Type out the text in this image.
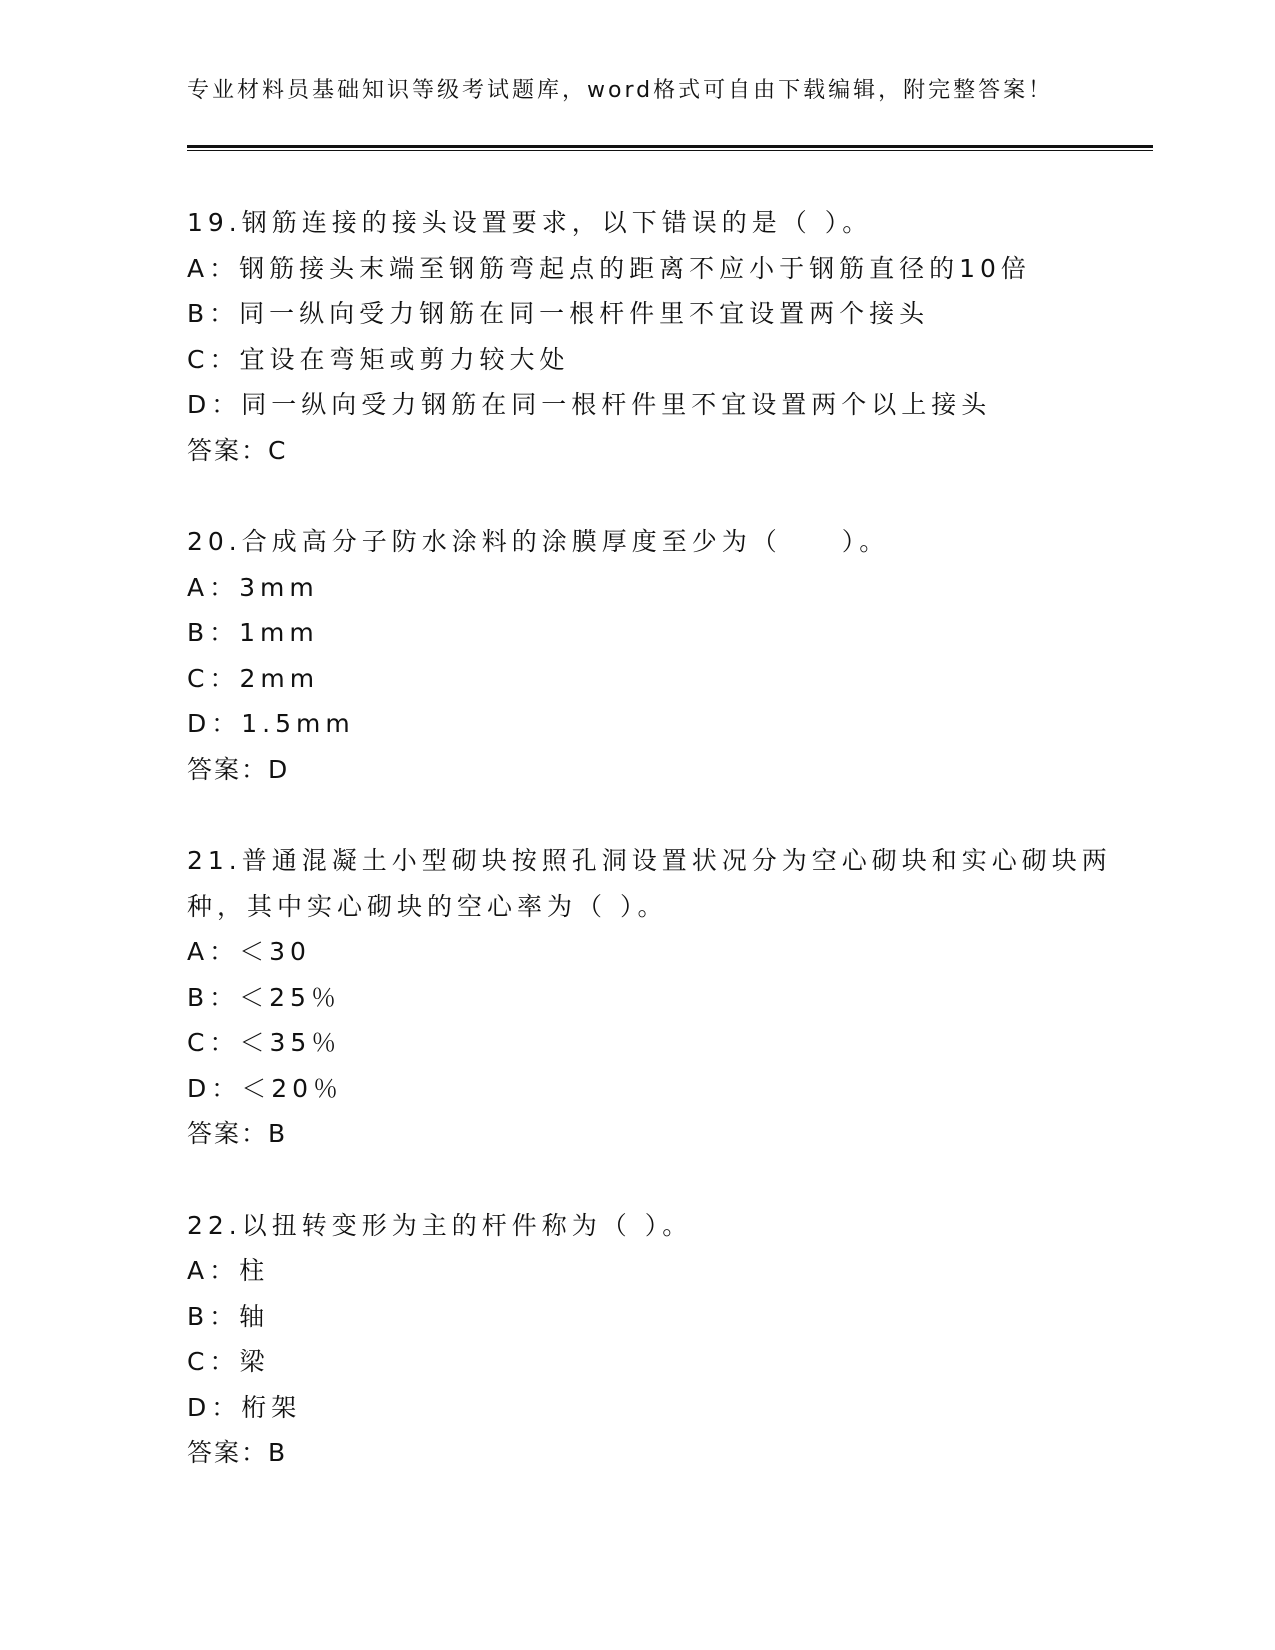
专业材料员基础知识等级考试题库，word格式可自由下载编辑，附完整答案！
19.钢筋连接的接头设置要求，以下错误的是（ ）。
A：钢筋接头末端至钢筋弯起点的距离不应小于钢筋直径的10倍
B：同一纵向受力钢筋在同一根杆件里不宜设置两个接头
C：宜设在弯矩或剪力较大处
D：同一纵向受力钢筋在同一根杆件里不宜设置两个以上接头
答案：C
20.合成高分子防水涂料的涂膜厚度至少为（　　）。
A：3mm
B：1mm
C：2mm
D：1.5mm
答案：D
21.普通混凝土小型砌块按照孔洞设置状况分为空心砌块和实心砌块两
种，其中实心砌块的空心率为（ ）。
A：＜30
B：＜25％
C：＜35％
D：＜20％
答案：B
22.以扭转变形为主的杆件称为（ ）。
A：柱
B：轴
C：梁
D：桁架
答案：B
